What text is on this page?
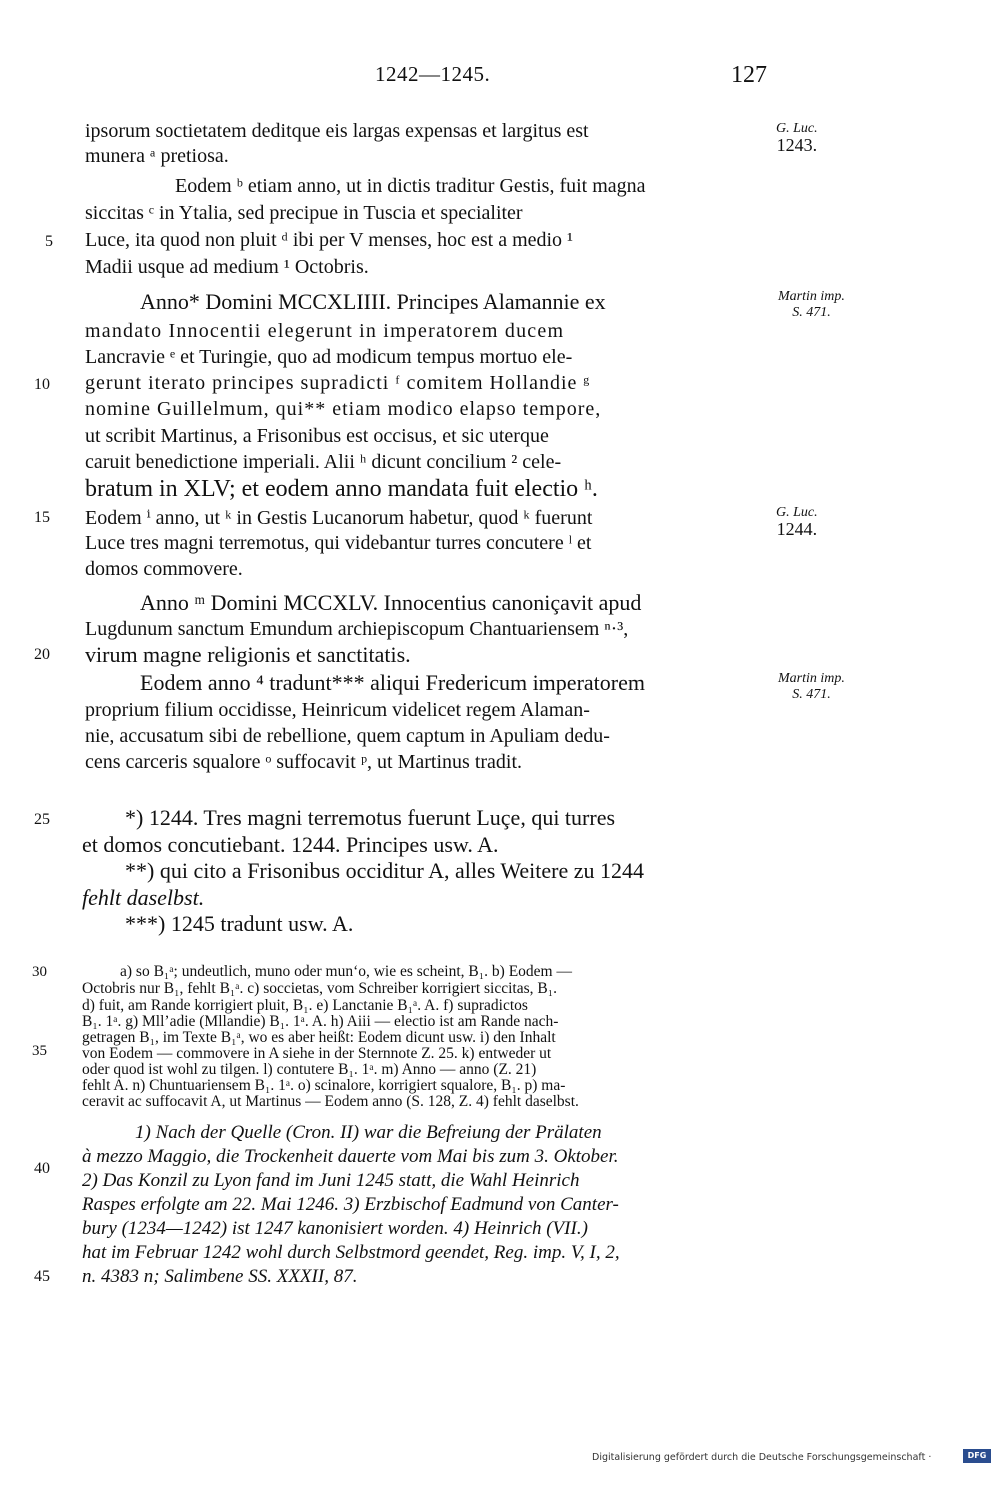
1242—1245.	127
G. Luc.
1243.
Martin imp.
S. 471.
G. Luc.
1244.
Martin imp.
S. 471.
ipsorum soctietatem deditque eis largas expensas et largitus est
munera ᵃ pretiosa.
Eodem ᵇ etiam anno, ut in dictis traditur Gestis, fuit magna
siccitas ᶜ in Ytalia, sed precipue in Tuscia et specialiter
Luce, ita quod non pluit ᵈ ibi per V menses, hoc est a medio ¹
Madii usque ad medium ¹ Octobris.
Anno* Domini MCCXLIIII. Principes Alamannie ex
mandato Innocentii elegerunt in imperatorem ducem
Lancravie ᵉ et Turingie, quo ad modicum tempus mortuo ele-
gerunt iterato principes supradicti ᶠ comitem Hollandie ᵍ
nomine Guillelmum, qui** etiam modico elapso tempore,
ut scribit Martinus, a Frisonibus est occisus, et sic uterque
caruit benedictione imperiali. Alii ʰ dicunt concilium ² cele-
bratum in XLV; et eodem anno mandata fuit electio ʰ.
Eodem ⁱ anno, ut ᵏ in Gestis Lucanorum habetur, quod ᵏ fuerunt
Luce tres magni terremotus, qui videbantur turres concutere ˡ et
domos commovere.
Anno ᵐ Domini MCCXLV. Innocentius canoniçavit apud
Lugdunum sanctum Emundum archiepiscopum Chantuariensem ⁿ·³,
virum magne religionis et sanctitatis.
Eodem anno ⁴ tradunt*** aliqui Fredericum imperatorem
proprium filium occidisse, Heinricum videlicet regem Alaman-
nie, accusatum sibi de rebellione, quem captum in Apuliam dedu-
cens carceris squalore ᵒ suffocavit ᵖ, ut Martinus tradit.
5
10
15
20
25
30
35
40
45
*) 1244. Tres magni terremotus fuerunt Luçe, qui turres
et domos concutiebant. 1244. Principes usw. A.
**) qui cito a Frisonibus occiditur A, alles Weitere zu 1244
fehlt daselbst.
***) 1245 tradunt usw. A.
a) so B₁ᵃ; undeutlich, muno oder mun‘o, wie es scheint, B₁. b) Eodem —
Octobris nur B₁, fehlt B₁ᵃ. c) soccietas, vom Schreiber korrigiert siccitas, B₁.
d) fuit, am Rande korrigiert pluit, B₁. e) Lanctanie B₁ᵃ. A. f) supradictos
B₁. 1ᵃ. g) Mll’adie (Mllandie) B₁. 1ᵃ. A. h) Aiii — electio ist am Rande nach-
getragen B₁, im Texte B₁ᵃ, wo es aber heißt: Eodem dicunt usw. i) den Inhalt
von Eodem — commovere in A siehe in der Sternnote Z. 25. k) entweder ut
oder quod ist wohl zu tilgen. l) contutere B₁. 1ᵃ. m) Anno — anno (Z. 21)
fehlt A. n) Chuntuariensem B₁. 1ᵃ. o) scinalore, korrigiert squalore, B₁. p) ma-
ceravit ac suffocavit A, ut Martinus — Eodem anno (S. 128, Z. 4) fehlt daselbst.
1) Nach der Quelle (Cron. II) war die Befreiung der Prälaten
à mezzo Maggio, die Trockenheit dauerte vom Mai bis zum 3. Oktober.
2) Das Konzil zu Lyon fand im Juni 1245 statt, die Wahl Heinrich
Raspes erfolgte am 22. Mai 1246. 3) Erzbischof Eadmund von Canter-
bury (1234—1242) ist 1247 kanonisiert worden. 4) Heinrich (VII.)
hat im Februar 1242 wohl durch Selbstmord geendet, Reg. imp. V, I, 2,
n. 4383 n; Salimbene SS. XXXII, 87.
Digitalisierung gefördert durch die Deutsche Forschungsgemeinschaft ·	DFG
